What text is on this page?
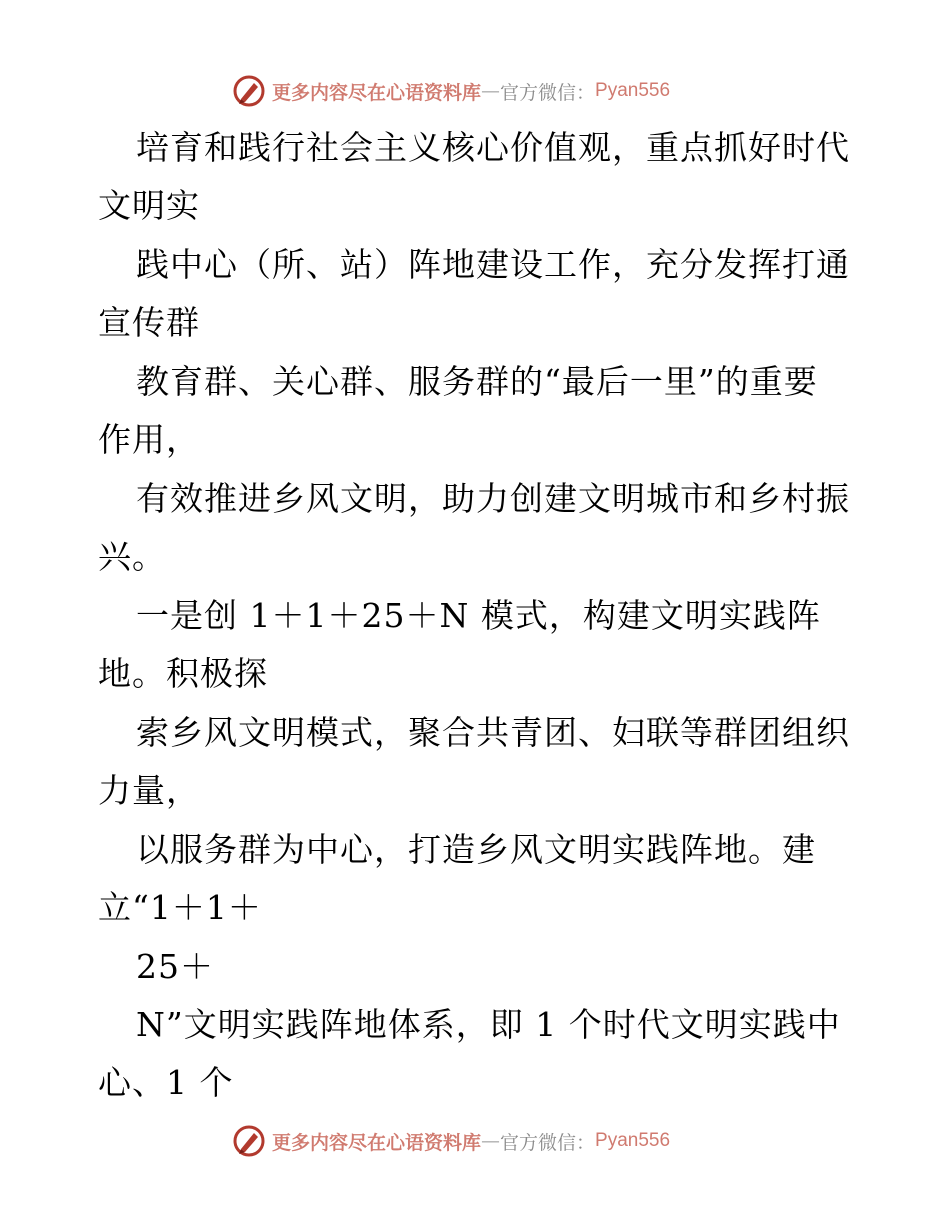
更多内容尽在心语资料库 — 官方微信： Pyan556
培育和践行社会主义核心价值观，重点抓好时代
文明实
践中心（所、站）阵地建设工作，充分发挥打通
宣传群
教育群、关心群、服务群的“最后一里”的重要
作用，
有效推进乡风文明，助力创建文明城市和乡村振
兴。
一是创 1＋1＋25＋N 模式，构建文明实践阵
地。积极探
索乡风文明模式，聚合共青团、妇联等群团组织
力量，
以服务群为中心，打造乡风文明实践阵地。建
立“1＋1＋
25＋
N”文明实践阵地体系，即 1 个时代文明实践中
心、1 个
更多内容尽在心语资料库 — 官方微信： Pyan556
